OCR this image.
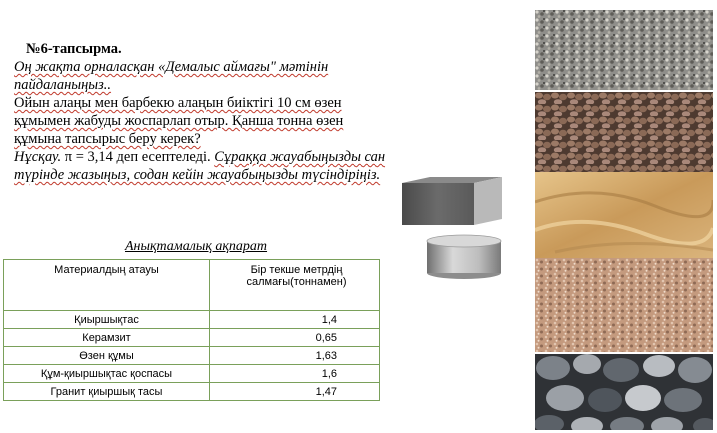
№6-тапсырма.
Оң жақта орналасқан «Демалыс аймағы" мәтінін пайдаланыңыз..
Ойын алаңы мен барбекю алаңын биіктігі 10 см өзен құмымен жабуды жоспарлап отыр. Қанша тонна өзен құмына тапсырыс беру керек?
Нұсқау. π = 3,14 деп есептеледі. Сұраққа жауабыңызды сан түрінде жазыңыз, содан кейін жауабыңызды түсіндіріңіз.
Анықтамалық ақпарат
Материалдың атауы	Бір текше метрдің салмағы(тоннамен)
Қиыршықтас	1,4
Керамзит	0,65
Өзен құмы	1,63
Құм-қиыршықтас қоспасы	1,6
Гранит қиыршық тасы	1,47
